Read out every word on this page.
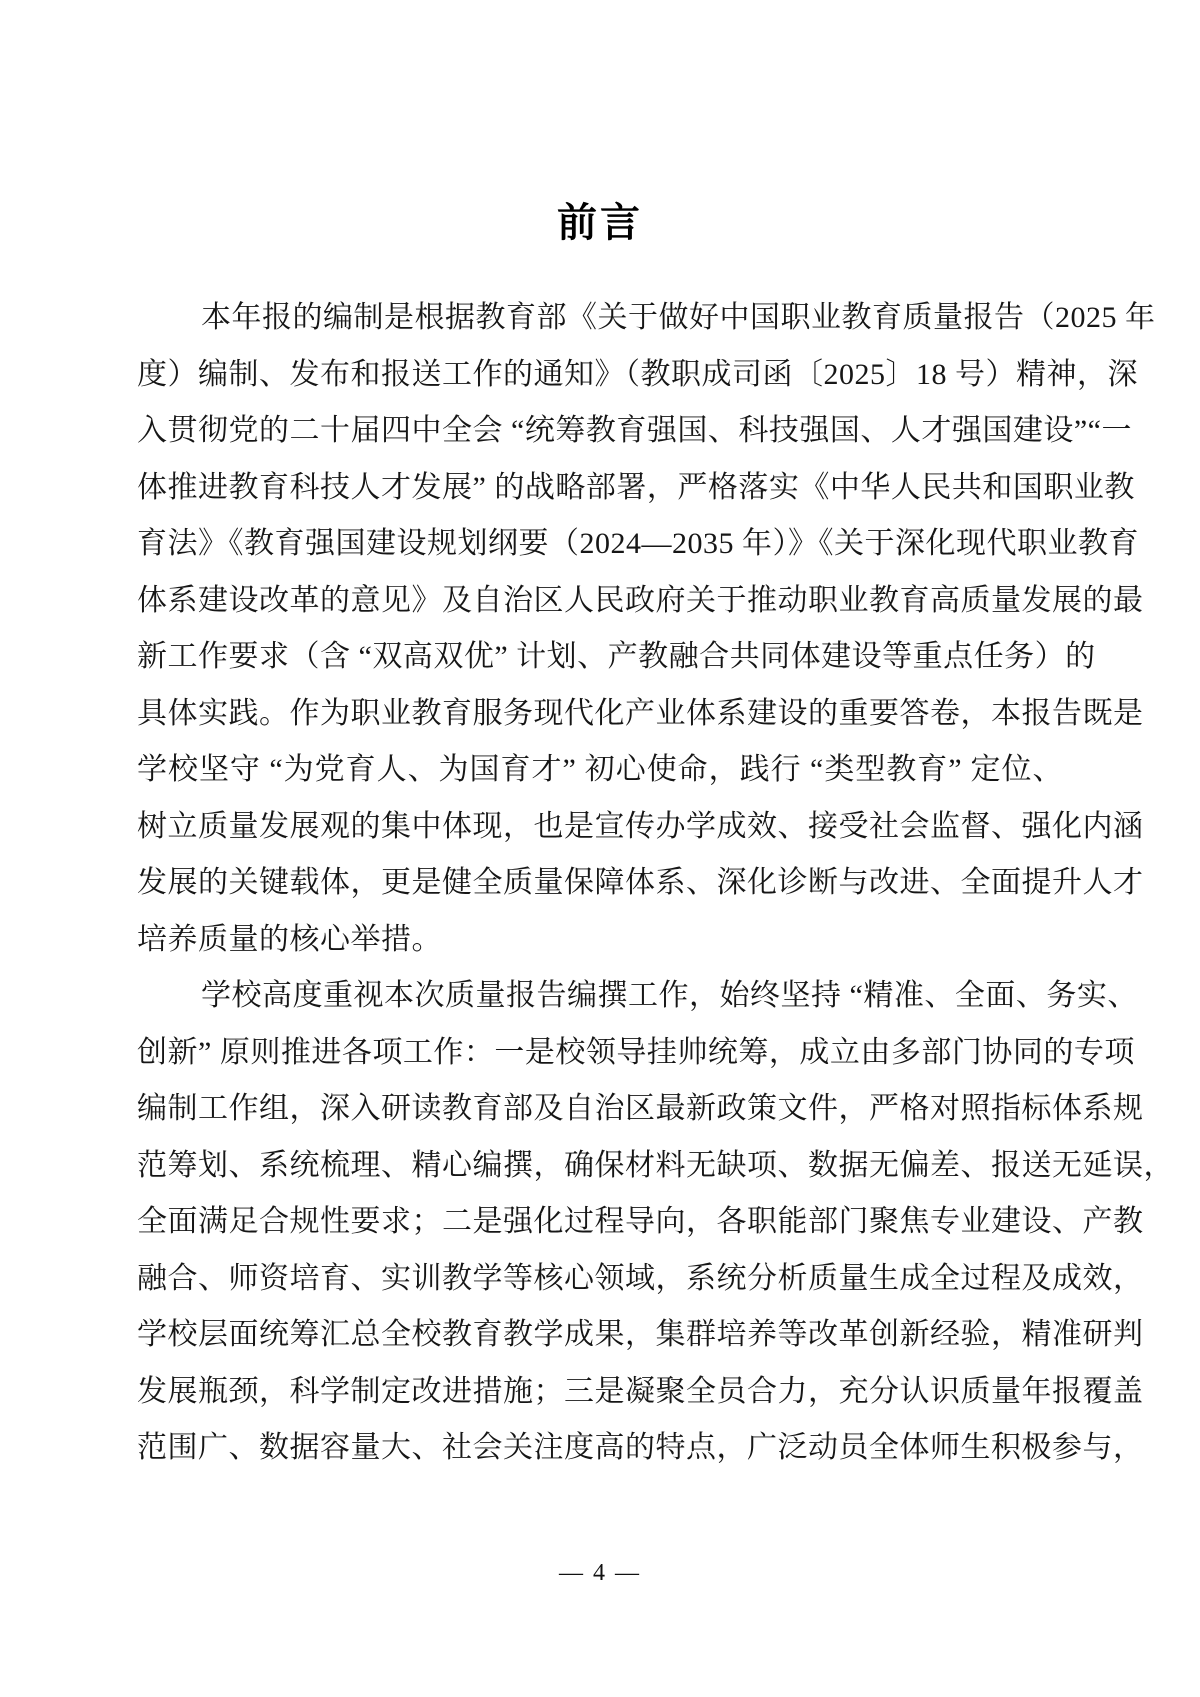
前言
本年报的编制是根据教育部《关于做好中国职业教育质量报告（2025 年
度）编制、发布和报送工作的通知》（教职成司函〔2025〕18 号）精神，深
入贯彻党的二十届四中全会 “统筹教育强国、科技强国、人才强国建设”“一
体推进教育科技人才发展” 的战略部署，严格落实《中华人民共和国职业教
育法》《教育强国建设规划纲要（2024—2035 年）》《关于深化现代职业教育
体系建设改革的意见》及自治区人民政府关于推动职业教育高质量发展的最
新工作要求（含 “双高双优” 计划、产教融合共同体建设等重点任务）的
具体实践。作为职业教育服务现代化产业体系建设的重要答卷，本报告既是
学校坚守 “为党育人、为国育才” 初心使命，践行 “类型教育” 定位、
树立质量发展观的集中体现，也是宣传办学成效、接受社会监督、强化内涵
发展的关键载体，更是健全质量保障体系、深化诊断与改进、全面提升人才
培养质量的核心举措。
学校高度重视本次质量报告编撰工作，始终坚持 “精准、全面、务实、
创新” 原则推进各项工作：一是校领导挂帅统筹，成立由多部门协同的专项
编制工作组，深入研读教育部及自治区最新政策文件，严格对照指标体系规
范筹划、系统梳理、精心编撰，确保材料无缺项、数据无偏差、报送无延误，
全面满足合规性要求；二是强化过程导向，各职能部门聚焦专业建设、产教
融合、师资培育、实训教学等核心领域，系统分析质量生成全过程及成效，
学校层面统筹汇总全校教育教学成果，集群培养等改革创新经验，精准研判
发展瓶颈，科学制定改进措施；三是凝聚全员合力，充分认识质量年报覆盖
范围广、数据容量大、社会关注度高的特点，广泛动员全体师生积极参与，
— 4 —
